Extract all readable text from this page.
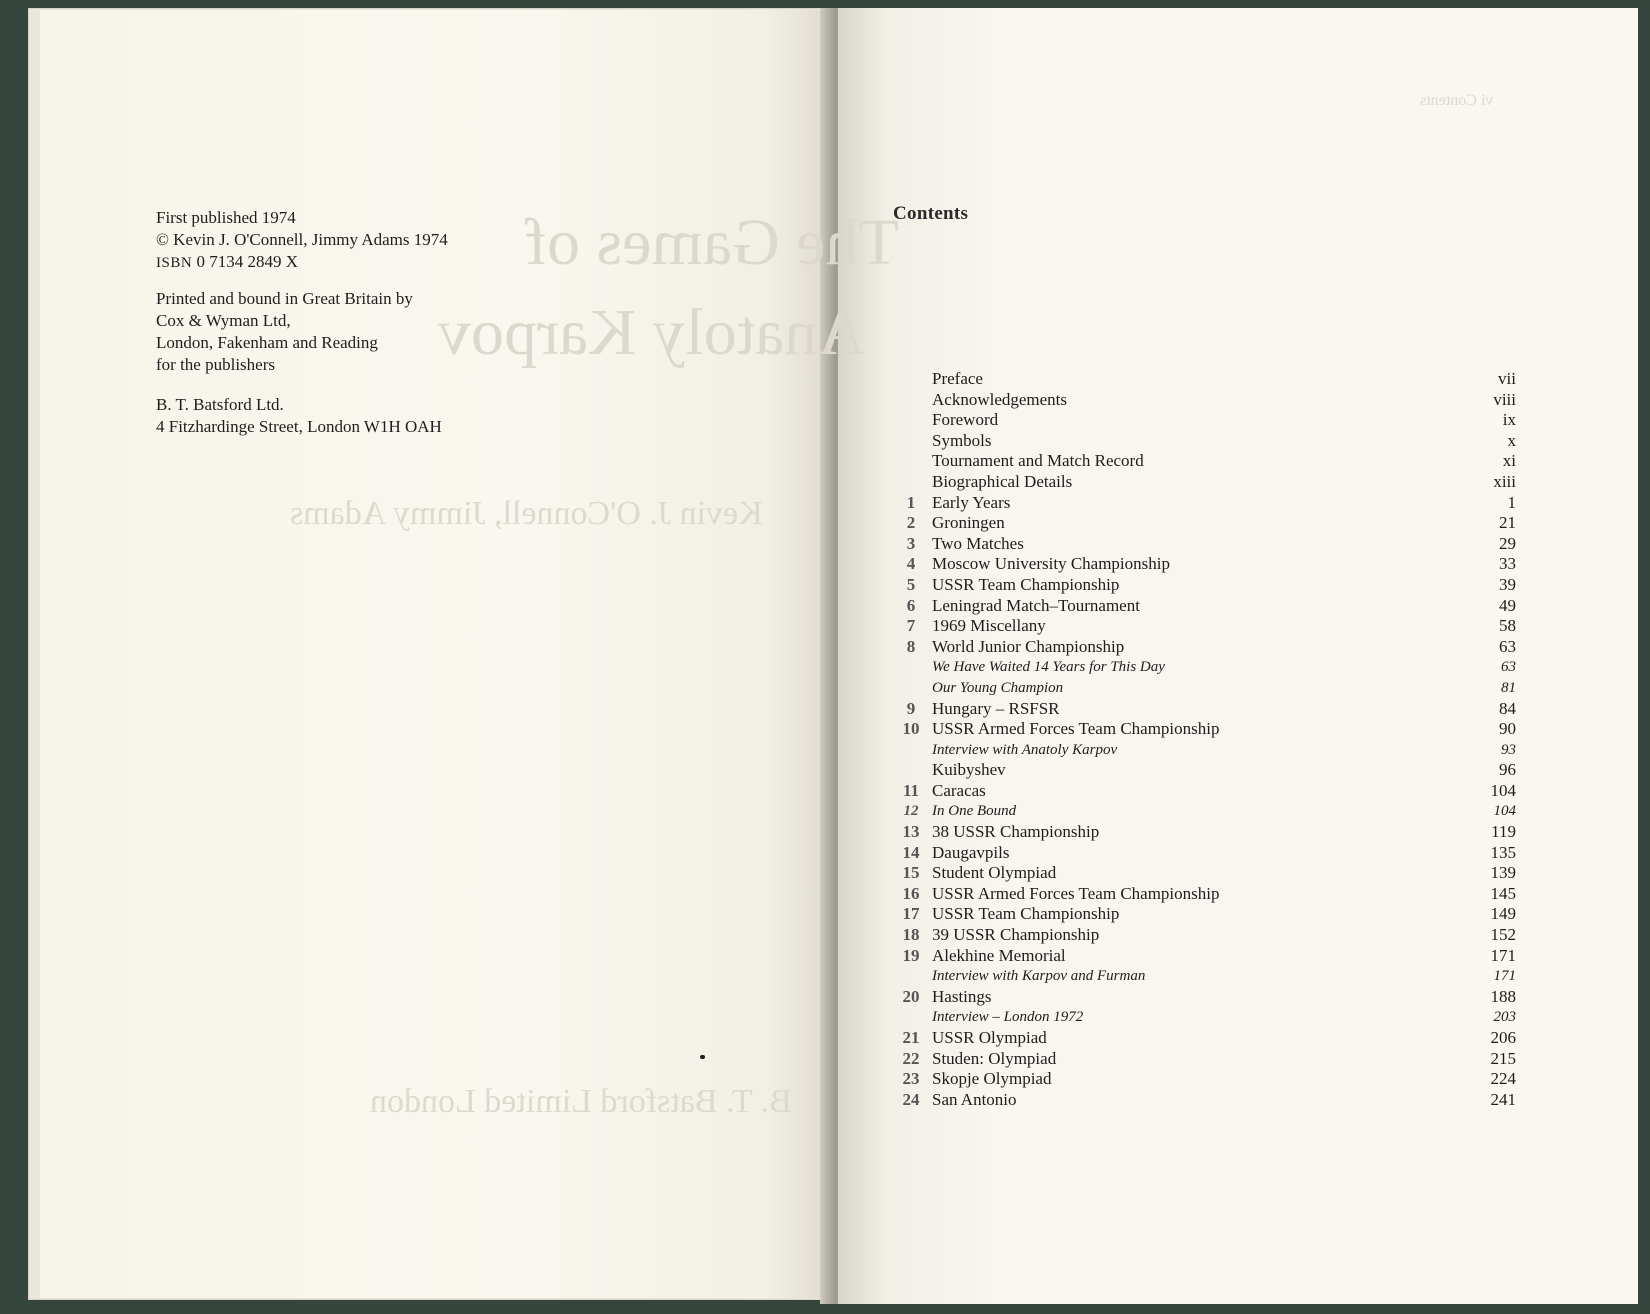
The Games of
Anatoly Karpov
Kevin J. O'Connell, Jimmy Adams
B. T. Batsford Limited London
vi Contents
First published 1974
© Kevin J. O'Connell, Jimmy Adams 1974
ISBN 0 7134 2849 X
Printed and bound in Great Britain by
Cox & Wyman Ltd,
London, Fakenham and Reading
for the publishers
B. T. Batsford Ltd.
4 Fitzhardinge Street, London W1H OAH
Contents
Preface	vii
Acknowledgements	viii
Foreword	ix
Symbols	x
Tournament and Match Record	xi
Biographical Details	xiii
1 Early Years	1
2 Groningen	21
3 Two Matches	29
4 Moscow University Championship	33
5 USSR Team Championship	39
6 Leningrad Match–Tournament	49
7 1969 Miscellany	58
8 World Junior Championship	63
We Have Waited 14 Years for This Day	63
Our Young Champion	81
9 Hungary – RSFSR	84
10 USSR Armed Forces Team Championship	90
Interview with Anatoly Karpov	93
Kuibyshev	96
11 Caracas	104
12 In One Bound	104
13 38 USSR Championship	119
14 Daugavpils	135
15 Student Olympiad	139
16 USSR Armed Forces Team Championship	145
17 USSR Team Championship	149
18 39 USSR Championship	152
19 Alekhine Memorial	171
Interview with Karpov and Furman	171
20 Hastings	188
Interview – London 1972	203
21 USSR Olympiad	206
22 Studen: Olympiad	215
23 Skopje Olympiad	224
24 San Antonio	241
